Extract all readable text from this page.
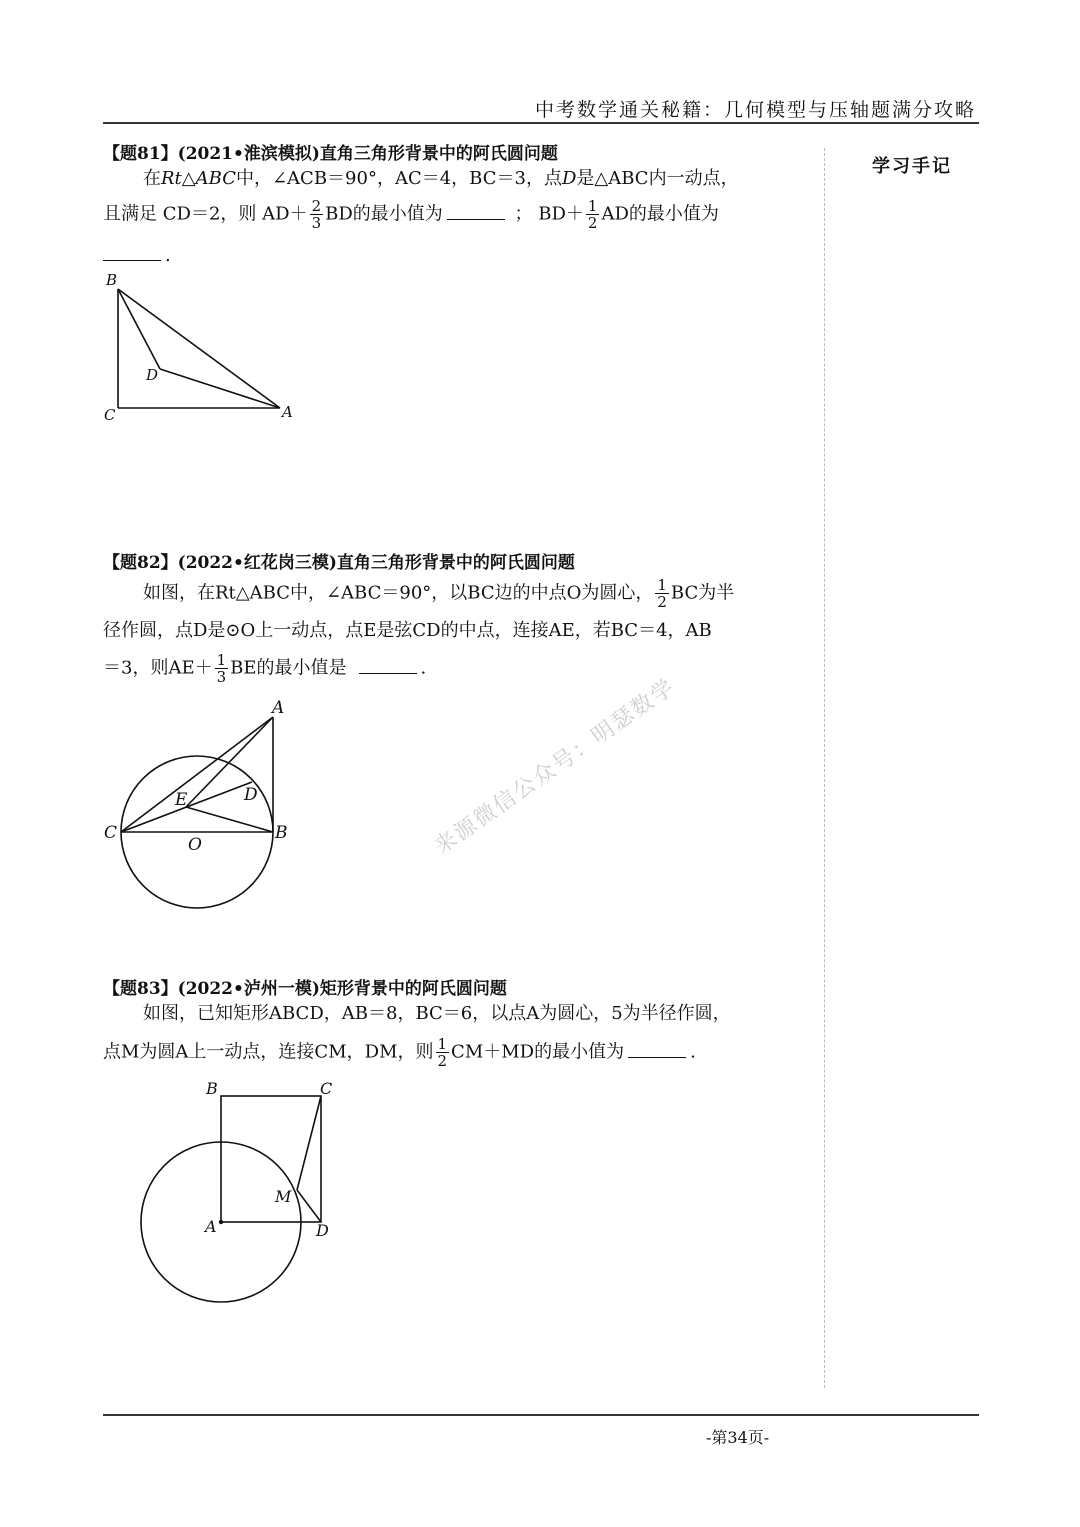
中考数学通关秘籍：几何模型与压轴题满分攻略
学习手记
【题81】(2021•淮滨模拟)直角三角形背景中的阿氏圆问题
在Rt△ABC中，∠ACB＝90°，AC＝4，BC＝3，点D是△ABC内一动点，
且满足 CD＝2，则 $AD+ \frac{2}{3}$ BD的最小值为	； $BD+ \frac{1}{2}$ AD的最小值为
.
B
D
C	A
【题82】(2022•红花岗三模)直角三角形背景中的阿氏圆问题
如图，在Rt△ABC中，∠ABC＝90°，以BC边的中点O为圆心， $\frac{1}{2}$ BC为半
径作圆，点D是⊙O上一动点，点E是弦CD的中点，连接AE，若BC＝4，AB
＝3，则$AE+ \frac{1}{3}$ BE的最小值是	.
A
E	D
C
O
B	来源微信公众号：明瑟数学
【题83】(2022•泸州一模)矩形背景中的阿氏圆问题
如图，已知矩形ABCD，AB＝8，BC＝6，以点A为圆心，5为半径作圆，
点M为圆A上一动点，连接CM，DM，则 $\frac{1}{2} CM+MD$的最小值为	.
B	C
M
A	D
-第34页-
